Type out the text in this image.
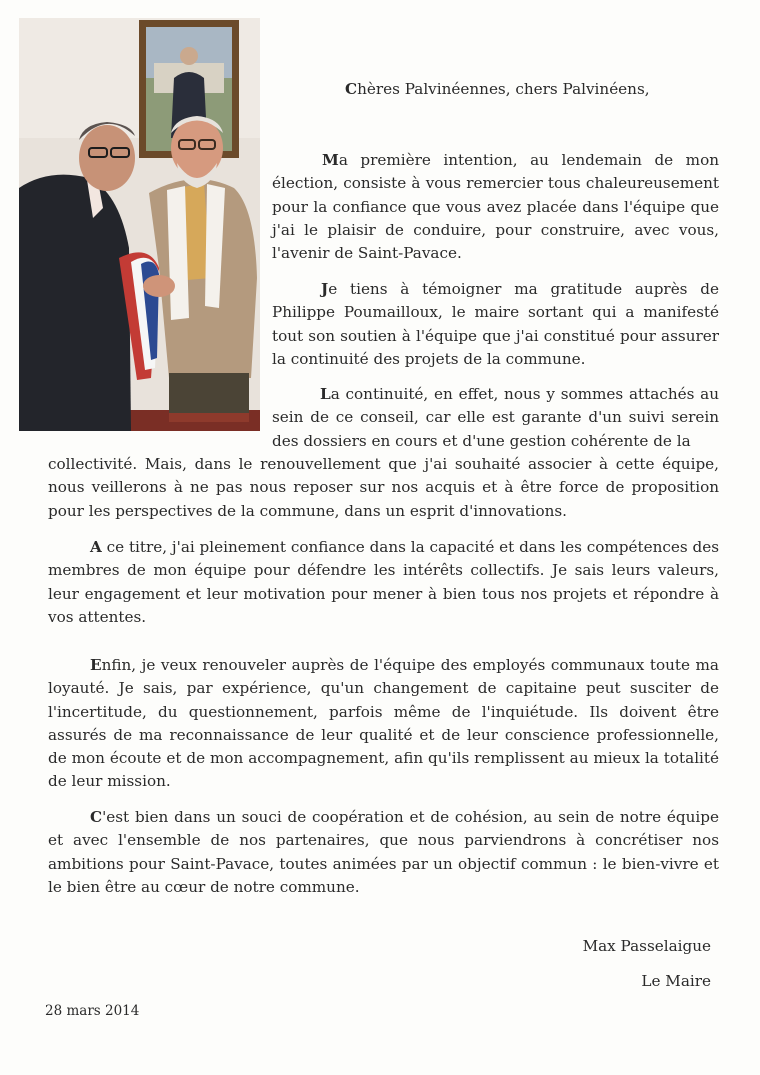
Chères Palvinéennes, chers Palvinéens,

Ma première intention, au lendemain de mon élection, consiste à vous remercier tous chaleureusement pour la confiance que vous avez placée dans l'équipe que j'ai le plaisir de conduire, pour construire, avec vous, l'avenir de Saint-Pavace.

Je tiens à témoigner ma gratitude auprès de Philippe Poumailloux, le maire sortant qui a manifesté tout son soutien à l'équipe que j'ai constitué pour assurer la continuité des projets de la commune.

La continuité, en effet, nous y sommes attachés au sein de ce conseil, car elle est garante d'un suivi serein des dossiers en cours et d'une gestion cohérente de la

collectivité. Mais, dans le renouvellement que j'ai souhaité associer à cette équipe, nous veillerons à ne pas nous reposer sur nos acquis et à être force de proposition pour les perspectives de la commune, dans un esprit d'innovations.

A ce titre, j'ai pleinement confiance dans la capacité et dans les compétences des membres de mon équipe pour défendre les intérêts collectifs. Je sais leurs valeurs, leur engagement et leur motivation pour mener à bien tous nos projets et répondre à vos attentes.

Enfin, je veux renouveler auprès de l'équipe des employés communaux toute ma loyauté. Je sais, par expérience, qu'un changement de capitaine peut susciter de l'incertitude, du questionnement, parfois même de l'inquiétude. Ils doivent être assurés de ma reconnaissance de leur qualité et de leur conscience professionnelle, de mon écoute et de mon accompagnement, afin qu'ils remplissent au mieux la totalité de leur mission.

C'est bien dans un souci de coopération et de cohésion, au sein de notre équipe et avec l'ensemble de nos partenaires, que nous parviendrons à concrétiser nos ambitions pour Saint-Pavace, toutes animées par un objectif commun : le bien-vivre et le bien être au cœur de notre commune.

Max Passelaigue

Le Maire

28 mars 2014
